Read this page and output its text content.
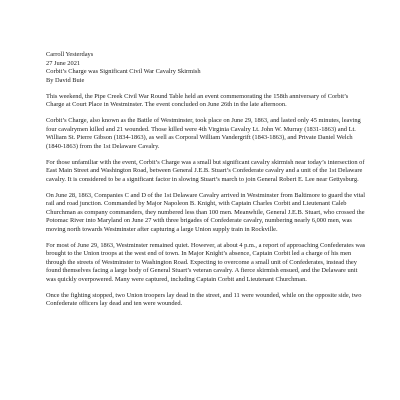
Carroll Yesterdays
27 June 2021
Corbit’s Charge was Significant Civil War Cavalry Skirmish
By David Buie

This weekend, the Pipe Creek Civil War Round Table held an event commemorating the 158th anniversary of Corbit’s Charge at Court Place in Westminster. The event concluded on June 26th in the late afternoon.

Corbit’s Charge, also known as the Battle of Westminster, took place on June 29, 1863, and lasted only 45 minutes, leaving four cavalrymen killed and 21 wounded. Those killed were 4th Virginia Cavalry Lt. John W. Murray (1831-1863) and Lt. William St. Pierre Gibson (1834-1863), as well as Corporal William Vandergrift (1843-1863), and Private Daniel Welch (1840-1863) from the 1st Delaware Cavalry.

For those unfamiliar with the event, Corbit’s Charge was a small but significant cavalry skirmish near today’s intersection of East Main Street and Washington Road, between General J.E.B. Stuart’s Confederate cavalry and a unit of the 1st Delaware cavalry. It is considered to be a significant factor in slowing Stuart’s march to join General Robert E. Lee near Gettysburg.

On June 28, 1863, Companies C and D of the 1st Delaware Cavalry arrived in Westminster from Baltimore to guard the vital rail and road junction. Commanded by Major Napoleon B. Knight, with Captain Charles Corbit and Lieutenant Caleb Churchman as company commanders, they numbered less than 100 men. Meanwhile, General J.E.B. Stuart, who crossed the Potomac River into Maryland on June 27 with three brigades of Confederate cavalry, numbering nearly 6,000 men, was moving north towards Westminster after capturing a large Union supply train in Rockville.

For most of June 29, 1863, Westminster remained quiet. However, at about 4 p.m., a report of approaching Confederates was brought to the Union troops at the west end of town. In Major Knight’s absence, Captain Corbit led a charge of his men through the streets of Westminster to Washington Road. Expecting to overcome a small unit of Confederates, instead they found themselves facing a large body of General Stuart’s veteran cavalry. A fierce skirmish ensued, and the Delaware unit was quickly overpowered. Many were captured, including Captain Corbit and Lieutenant Churchman.

Once the fighting stopped, two Union troopers lay dead in the street, and 11 were wounded, while on the opposite side, two Confederate officers lay dead and ten were wounded.
